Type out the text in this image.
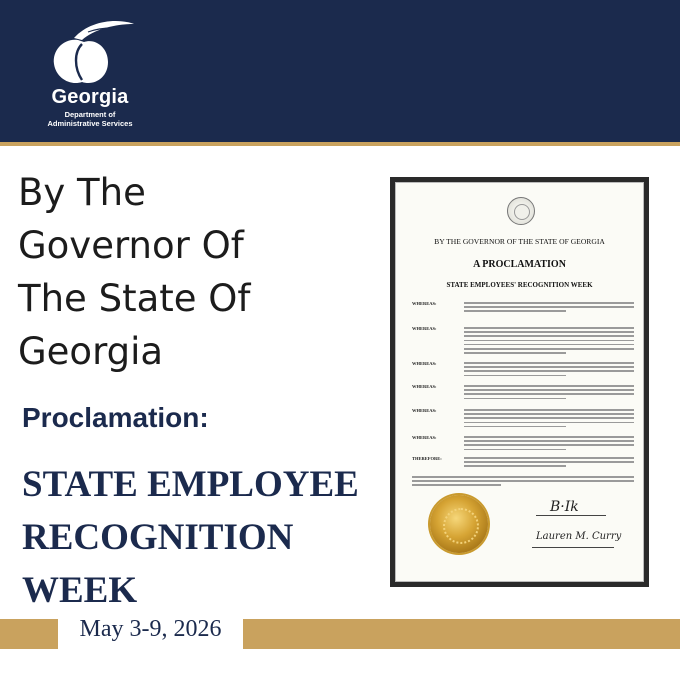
Georgia
Department of
Administrative Services
By The
Governor Of
The State Of
Georgia
Proclamation:
STATE EMPLOYEE
RECOGNITION
WEEK
BY THE GOVERNOR OF THE STATE OF GEORGIA
A PROCLAMATION
STATE EMPLOYEES' RECOGNITION WEEK
WHEREAS:
WHEREAS:
WHEREAS:
WHEREAS:
WHEREAS:
WHEREAS:
THEREFORE:
B·Ik
Lauren M. Curry
May 3-9, 2026
